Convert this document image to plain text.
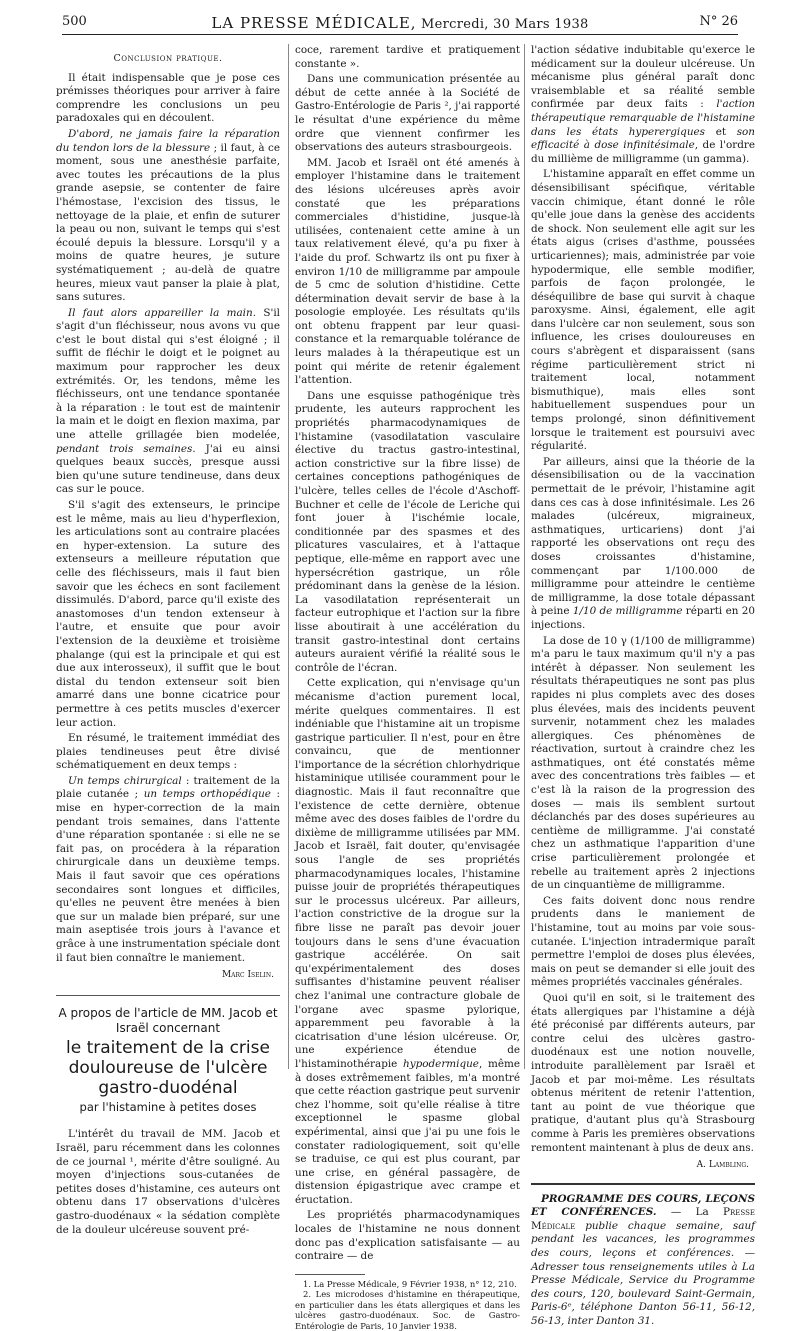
500	LA PRESSE MÉDICALE, Mercredi, 30 Mars 1938	N° 26
Conclusion pratique.

Il était indispensable que je pose ces prémisses théoriques pour arriver à faire comprendre les conclusions un peu paradoxales qui en découlent.

D'abord, ne jamais faire la réparation du tendon lors de la blessure ; il faut, à ce moment, sous une anesthésie parfaite, avec toutes les précautions de la plus grande asepsie, se contenter de faire l'hémostase, l'excision des tissus, le nettoyage de la plaie, et enfin de suturer la peau ou non, suivant le temps qui s'est écoulé depuis la blessure. Lorsqu'il y a moins de quatre heures, je suture systématiquement ; au-delà de quatre heures, mieux vaut panser la plaie à plat, sans sutures.

Il faut alors appareiller la main. S'il s'agit d'un fléchisseur, nous avons vu que c'est le bout distal qui s'est éloigné ; il suffit de fléchir le doigt et le poignet au maximum pour rapprocher les deux extrémités. Or, les tendons, même les fléchisseurs, ont une tendance spontanée à la réparation : le tout est de maintenir la main et le doigt en flexion maxima, par une attelle grillagée bien modelée, pendant trois semaines. J'ai eu ainsi quelques beaux succès, presque aussi bien qu'une suture tendineuse, dans deux cas sur le pouce.

S'il s'agit des extenseurs, le principe est le même, mais au lieu d'hyperflexion, les articulations sont au contraire placées en hyper-extension. La suture des extenseurs a meilleure réputation que celle des fléchisseurs, mais il faut bien savoir que les échecs en sont facilement dissimulés. D'abord, parce qu'il existe des anastomoses d'un tendon extenseur à l'autre, et ensuite que pour avoir l'extension de la deuxième et troisième phalange (qui est la principale et qui est due aux interosseux), il suffit que le bout distal du tendon extenseur soit bien amarré dans une bonne cicatrice pour permettre à ces petits muscles d'exercer leur action.

En résumé, le traitement immédiat des plaies tendineuses peut être divisé schématiquement en deux temps :

Un temps chirurgical : traitement de la plaie cutanée ; un temps orthopédique : mise en hyper-correction de la main pendant trois semaines, dans l'attente d'une réparation spontanée : si elle ne se fait pas, on procédera à la réparation chirurgicale dans un deuxième temps. Mais il faut savoir que ces opérations secondaires sont longues et difficiles, qu'elles ne peuvent être menées à bien que sur un malade bien préparé, sur une main aseptisée trois jours à l'avance et grâce à une instrumentation spéciale dont il faut bien connaître le maniement.

Marc Iselin.
A propos de l'article de MM. Jacob et Israël concernant
le traitement de la crise douloureuse de l'ulcère gastro-duodénal
par l'histamine à petites doses

L'intérêt du travail de MM. Jacob et Israël, paru récemment dans les colonnes de ce journal ¹, mérite d'être souligné. Au moyen d'injections sous-cutanées de petites doses d'histamine, ces auteurs ont obtenu dans 17 observations d'ulcères gastro-duodénaux « la sédation complète de la douleur ulcéreuse souvent pré-

coce, rarement tardive et pratiquement constante ».

Dans une communication présentée au début de cette année à la Société de Gastro-Entérologie de Paris ², j'ai rapporté le résultat d'une expérience du même ordre que viennent confirmer les observations des auteurs strasbourgeois.

MM. Jacob et Israël ont été amenés à employer l'histamine dans le traitement des lésions ulcéreuses après avoir constaté que les préparations commerciales d'histidine, jusque-là utilisées, contenaient cette amine à un taux relativement élevé, qu'a pu fixer à l'aide du prof. Schwartz ils ont pu fixer à environ 1/10 de milligramme par ampoule de 5 cmc de solution d'histidine. Cette détermination devait servir de base à la posologie employée. Les résultats qu'ils ont obtenu frappent par leur quasi-constance et la remarquable tolérance de leurs malades à la thérapeutique est un point qui mérite de retenir également l'attention.

Dans une esquisse pathogénique très prudente, les auteurs rapprochent les propriétés pharmacodynamiques de l'histamine (vasodilatation vasculaire élective du tractus gastro-intestinal, action constrictive sur la fibre lisse) de certaines conceptions pathogéniques de l'ulcère, telles celles de l'école d'Aschoff-Buchner et celle de l'école de Leriche qui font jouer à l'ischémie locale, conditionnée par des spasmes et des plicatures vasculaires, et à l'attaque peptique, elle-même en rapport avec une hypersécrétion gastrique, un rôle prédominant dans la genèse de la lésion. La vasodilatation représenterait un facteur eutrophique et l'action sur la fibre lisse aboutirait à une accélération du transit gastro-intestinal dont certains auteurs auraient vérifié la réalité sous le contrôle de l'écran.

Cette explication, qui n'envisage qu'un mécanisme d'action purement local, mérite quelques commentaires. Il est indéniable que l'histamine ait un tropisme gastrique particulier. Il n'est, pour en être convaincu, que de mentionner l'importance de la sécrétion chlorhydrique histaminique utilisée couramment pour le diagnostic. Mais il faut reconnaître que l'existence de cette dernière, obtenue même avec des doses faibles de l'ordre du dixième de milligramme utilisées par MM. Jacob et Israël, fait douter, qu'envisagée sous l'angle de ses propriétés pharmacodynamiques locales, l'histamine puisse jouir de propriétés thérapeutiques sur le processus ulcéreux. Par ailleurs, l'action constrictive de la drogue sur la fibre lisse ne paraît pas devoir jouer toujours dans le sens d'une évacuation gastrique accélérée. On sait qu'expérimentalement des doses suffisantes d'histamine peuvent réaliser chez l'animal une contracture globale de l'organe avec spasme pylorique, apparemment peu favorable à la cicatrisation d'une lésion ulcéreuse. Or, une expérience étendue de l'histaminothérapie hypodermique, même à doses extrêmement faibles, m'a montré que cette réaction gastrique peut survenir chez l'homme, soit qu'elle réalise à titre exceptionnel le spasme global expérimental, ainsi que j'ai pu une fois le constater radiologiquement, soit qu'elle se traduise, ce qui est plus courant, par une crise, en général passagère, de distension épigastrique avec crampe et éructation.

Les propriétés pharmacodynamiques locales de l'histamine ne nous donnent donc pas d'explication satisfaisante — au contraire — de

1. La Presse Médicale, 9 Février 1938, n° 12, 210.

2. Les microdoses d'histamine en thérapeutique, en particulier dans les états allergiques et dans les ulcères gastro-duodénaux. Soc. de Gastro-Entérologie de Paris, 10 Janvier 1938.

l'action sédative indubitable qu'exerce le médicament sur la douleur ulcéreuse. Un mécanisme plus général paraît donc vraisemblable et sa réalité semble confirmée par deux faits : l'action thérapeutique remarquable de l'histamine dans les états hyperergiques et son efficacité à dose infinitésimale, de l'ordre du millième de milligramme (un gamma).

L'histamine apparaît en effet comme un désensibilisant spécifique, véritable vaccin chimique, étant donné le rôle qu'elle joue dans la genèse des accidents de shock. Non seulement elle agit sur les états aigus (crises d'asthme, poussées urticariennes); mais, administrée par voie hypodermique, elle semble modifier, parfois de façon prolongée, le déséquilibre de base qui survit à chaque paroxysme. Ainsi, également, elle agit dans l'ulcère car non seulement, sous son influence, les crises douloureuses en cours s'abrègent et disparaissent (sans régime particulièrement strict ni traitement local, notamment bismuthique), mais elles sont habituellement suspendues pour un temps prolongé, sinon définitivement lorsque le traitement est poursuivi avec régularité.

Par ailleurs, ainsi que la théorie de la désensibilisation ou de la vaccination permettait de le prévoir, l'histamine agit dans ces cas à dose infinitésimale. Les 26 malades (ulcéreux, migraineux, asthmatiques, urticariens) dont j'ai rapporté les observations ont reçu des doses croissantes d'histamine, commençant par 1/100.000 de milligramme pour atteindre le centième de milligramme, la dose totale dépassant à peine 1/10 de milligramme réparti en 20 injections.

La dose de 10 γ (1/100 de milligramme) m'a paru le taux maximum qu'il n'y a pas intérêt à dépasser. Non seulement les résultats thérapeutiques ne sont pas plus rapides ni plus complets avec des doses plus élevées, mais des incidents peuvent survenir, notamment chez les malades allergiques. Ces phénomènes de réactivation, surtout à craindre chez les asthmatiques, ont été constatés même avec des concentrations très faibles — et c'est là la raison de la progression des doses — mais ils semblent surtout déclanchés par des doses supérieures au centième de milligramme. J'ai constaté chez un asthmatique l'apparition d'une crise particulièrement prolongée et rebelle au traitement après 2 injections de un cinquantième de milligramme.

Ces faits doivent donc nous rendre prudents dans le maniement de l'histamine, tout au moins par voie sous-cutanée. L'injection intradermique paraît permettre l'emploi de doses plus élevées, mais on peut se demander si elle jouit des mêmes propriétés vaccinales générales.

Quoi qu'il en soit, si le traitement des états allergiques par l'histamine a déjà été préconisé par différents auteurs, par contre celui des ulcères gastro-duodénaux est une notion nouvelle, introduite parallèlement par Israël et Jacob et par moi-même. Les résultats obtenus méritent de retenir l'attention, tant au point de vue théorique que pratique, d'autant plus qu'à Strasbourg comme à Paris les premières observations remontent maintenant à plus de deux ans.

A. Lambling.

PROGRAMME DES COURS, LEÇONS ET CONFÉRENCES. — La Presse Médicale publie chaque semaine, sauf pendant les vacances, les programmes des cours, leçons et conférences. — Adresser tous renseignements utiles à La Presse Médicale, Service du Programme des cours, 120, boulevard Saint-Germain, Paris-6ᵉ, téléphone Danton 56-11, 56-12, 56-13, inter Danton 31.
